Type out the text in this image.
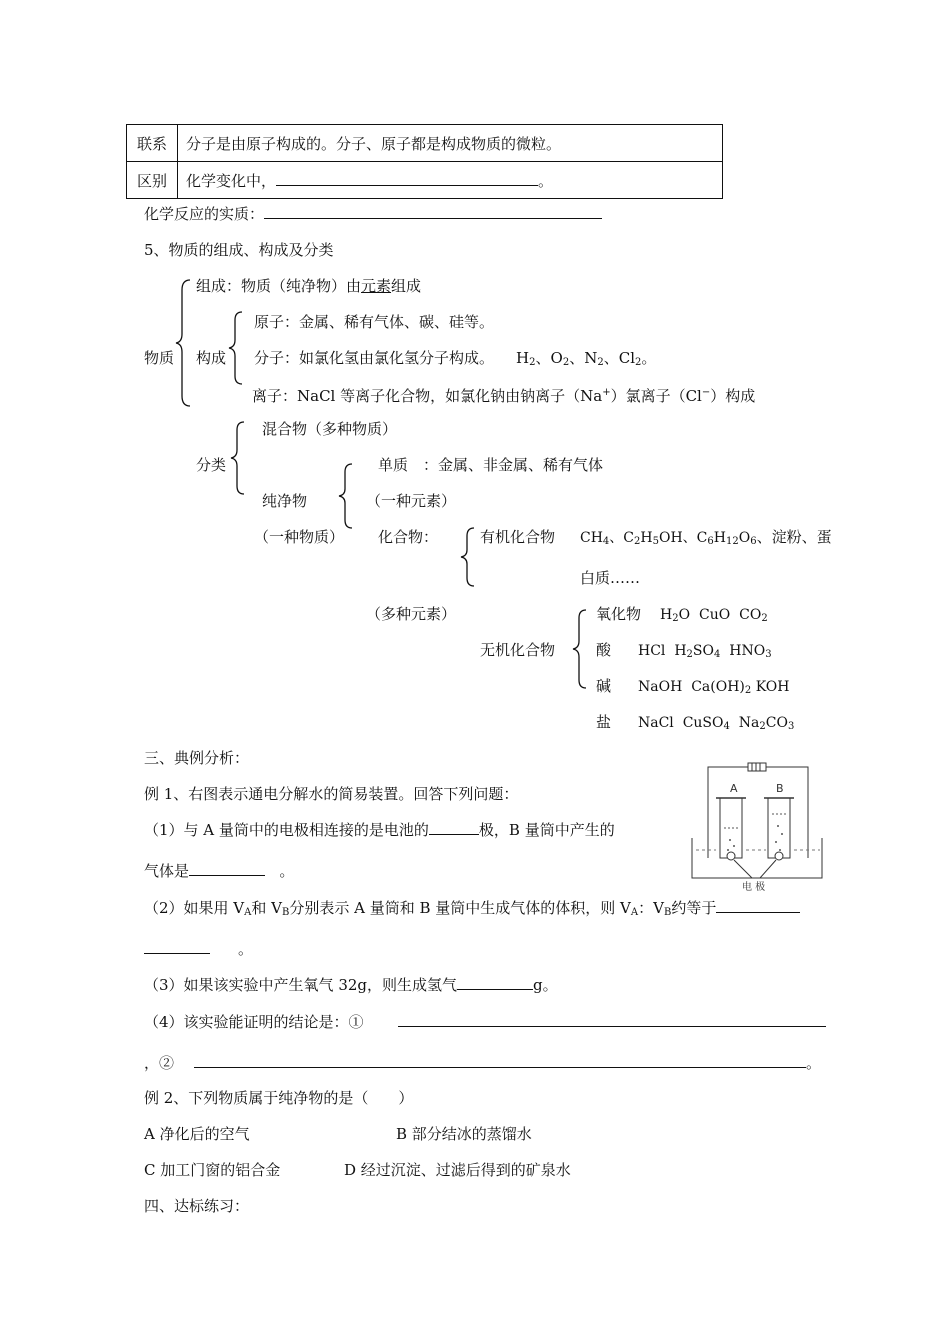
联系	分子是由原子构成的。分子、原子都是构成物质的微粒。
区别	化学变化中， 。
化学反应的实质：
5、物质的组成、构成及分类
物质
组成：物质（纯净物）由元素组成
构成
原子：金属、稀有气体、碳、硅等。
分子：如氯化氢由氯化氢分子构成。 $H_2$、$O_2$、$N_2$、$Cl_2$。
离子：NaCl 等离子化合物，如氯化钠由钠离子（Na+）氯离子（Cl−）构成
分类
混合物（多种物质）
纯净物
（一种物质）
单质　：金属、非金属、稀有气体
（一种元素）
化合物：
（多种元素）
有机化合物 $CH_4$、$C_2H_5OH$、$C_6H_{12}O_6$、淀粉、蛋
白质……
无机化合物
氧化物 $H_2O$ CuO $CO_2$
酸 HCl $H_2SO_4$ $HNO_3$
碱 NaOH $Ca(OH)_2$ KOH
盐 NaCl CuSO$_4$ $Na_2CO_3$
三、典例分析：
例 1、右图表示通电分解水的简易装置。回答下列问题：	A	B
电 极
（1）与 A 量筒中的电极相连接的是电池的	极，B 量筒中产生的
气体是	。
（2）如果用 $V_A$和 $V_B$分别表示 A 量筒和 B 量筒中生成气体的体积，则 $V_A$：$V_B$约等于
。
（3）如果该实验中产生氧气 32g，则生成氢气	g。
（4）该实验能证明的结论是：①
，②	。
例 2、下列物质属于纯净物的是（　　）
A 净化后的空气	B 部分结冰的蒸馏水
C 加工门窗的铝合金	D 经过沉淀、过滤后得到的矿泉水
四、达标练习：
